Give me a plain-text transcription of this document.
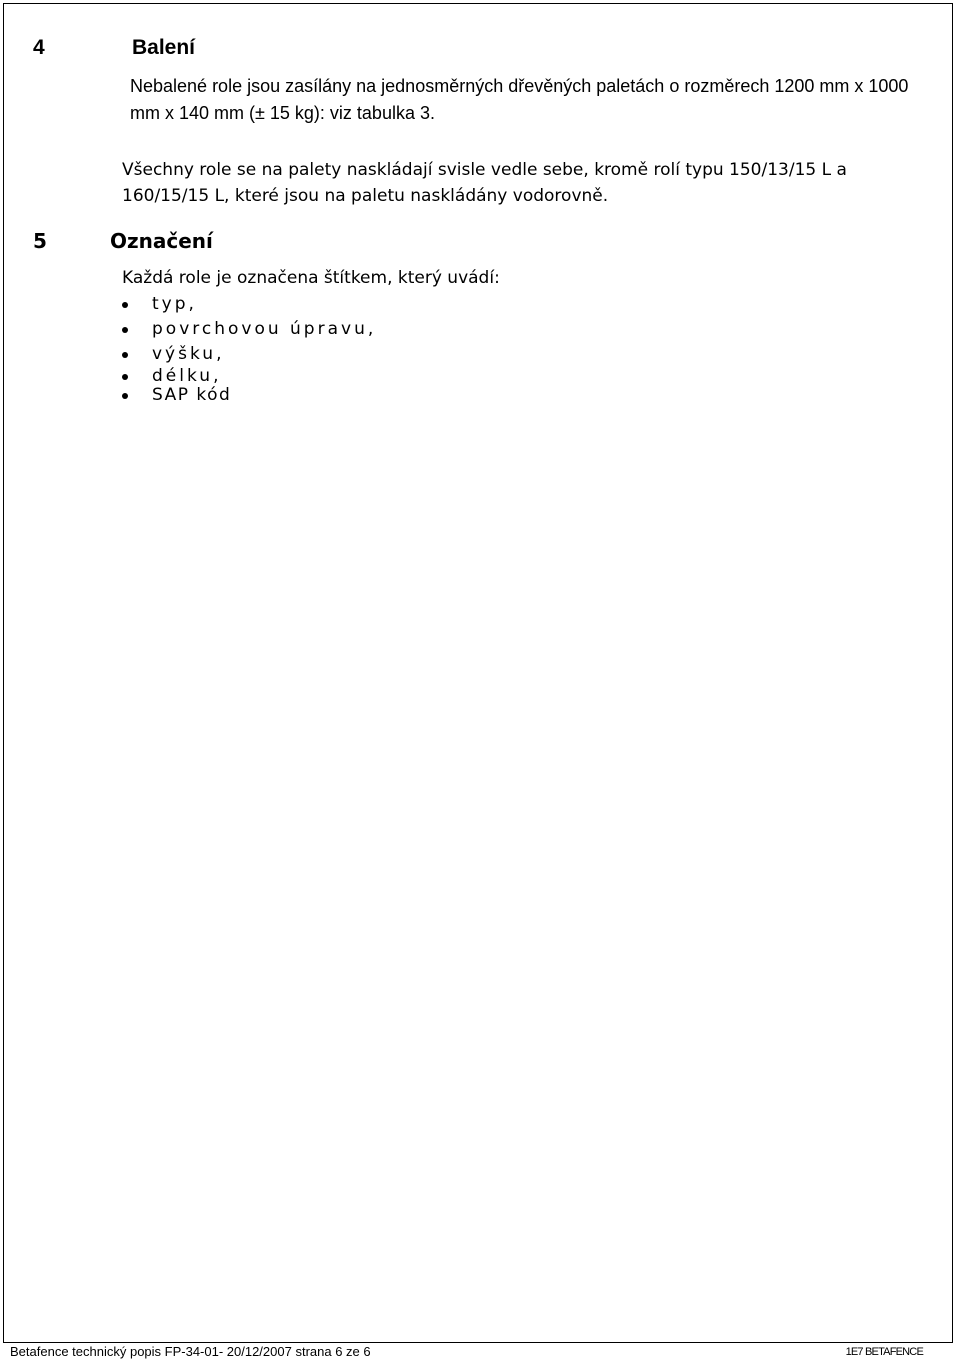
4	Balení

Nebalené role jsou zasílány na jednosměrných dřevěných paletách o rozměrech 1200 mm x 1000 mm x 140 mm (± 15 kg): viz tabulka 3.

Všechny role se na palety naskládají svisle vedle sebe, kromě rolí typu 150/13/15 L a 160/15/15 L, které jsou na paletu naskládány vodorovně.

5	Označení

Každá role je označena štítkem, který uvádí:

typ,
povrchovou úpravu,
výšku,
délku,
SAP kód
Betafence technický popis FP-34-01- 20/12/2007 strana 6 ze 6	1E7 BETAFENCE
